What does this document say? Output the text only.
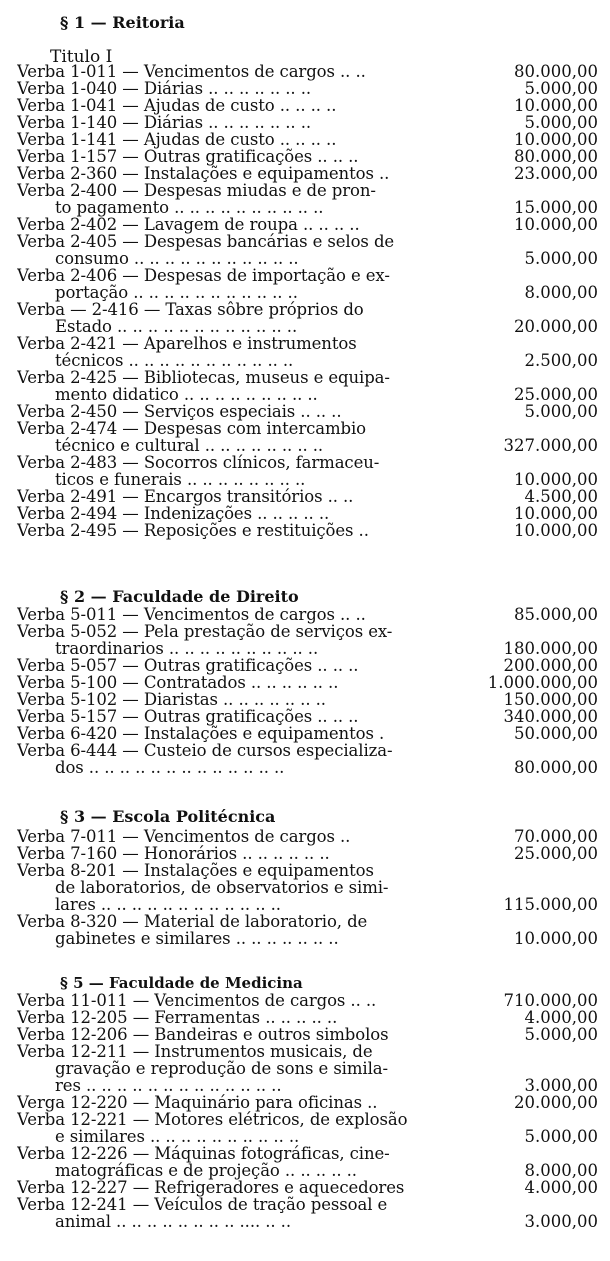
§ 1 — Reitoria
Titulo I
§ 2 — Faculdade de Direito
§ 3 — Escola Politécnica
§ 5 — Faculdade de Medicina
Verba 1-011 — Vencimentos de cargos .. ..	80.000,00
Verba 1-040 — Diárias .. .. .. .. .. .. ..	5.000,00
Verba 1-041 — Ajudas de custo .. .. .. ..	10.000,00
Verba 1-140 — Diárias .. .. .. .. .. .. ..	5.000,00
Verba 1-141 — Ajudas de custo .. .. .. ..	10.000,00
Verba 1-157 — Outras gratificações .. .. ..	80.000,00
Verba 2-360 — Instalações e equipamentos ..	23.000,00
Verba 2-400 — Despesas miudas e de pron-
to pagamento .. .. .. .. .. .. .. .. .. ..	15.000,00
Verba 2-402 — Lavagem de roupa .. .. .. ..	10.000,00
Verba 2-405 — Despesas bancárias e selos de
consumo .. .. .. .. .. .. .. .. .. .. ..	5.000,00
Verba 2-406 — Despesas de importação e ex-
portação .. .. .. .. .. .. .. .. .. .. ..	8.000,00
Verba — 2-416 — Taxas sôbre próprios do
Estado .. .. .. .. .. .. .. .. .. .. .. ..	20.000,00
Verba 2-421 — Aparelhos e instrumentos
técnicos .. .. .. .. .. .. .. .. .. .. ..	2.500,00
Verba 2-425 — Bibliotecas, museus e equipa-
mento didatico .. .. .. .. .. .. .. .. ..	25.000,00
Verba 2-450 — Serviços especiais .. .. ..	5.000,00
Verba 2-474 — Despesas com intercambio
técnico e cultural .. .. .. .. .. .. .. ..	327.000,00
Verba 2-483 — Socorros clínicos, farmaceu-
ticos e funerais .. .. .. .. .. .. .. ..	10.000,00
Verba 2-491 — Encargos transitórios .. ..	4.500,00
Verba 2-494 — Indenizações .. .. .. .. ..	10.000,00
Verba 2-495 — Reposições e restituições ..	10.000,00
Verba 5-011 — Vencimentos de cargos .. ..	85.000,00
Verba 5-052 — Pela prestação de serviços ex-
traordinarios .. .. .. .. .. .. .. .. .. ..	180.000,00
Verba 5-057 — Outras gratificações .. .. ..	200.000,00
Verba 5-100 — Contratados .. .. .. .. .. ..	1.000.000,00
Verba 5-102 — Diaristas .. .. .. .. .. .. ..	150.000,00
Verba 5-157 — Outras gratificações .. .. ..	340.000,00
Verba 6-420 — Instalações e equipamentos .	50.000,00
Verba 6-444 — Custeio de cursos especializa-
dos .. .. .. .. .. .. .. .. .. .. .. .. ..	80.000,00
Verba 7-011 — Vencimentos de cargos ..	70.000,00
Verba 7-160 — Honorários .. .. .. .. .. ..	25.000,00
Verba 8-201 — Instalações e equipamentos
de laboratorios, de observatorios e simi-
lares .. .. .. .. .. .. .. .. .. .. .. ..	115.000,00
Verba 8-320 — Material de laboratorio, de
gabinetes e similares .. .. .. .. .. .. ..	10.000,00
Verba 11-011 — Vencimentos de cargos .. ..	710.000,00
Verba 12-205 — Ferramentas .. .. .. .. ..	4.000,00
Verba 12-206 — Bandeiras e outros simbolos	5.000,00
Verba 12-211 — Instrumentos musicais, de
gravação e reprodução de sons e simila-
res .. .. .. .. .. .. .. .. .. .. .. .. ..	3.000,00
Verga 12-220 — Maquinário para oficinas ..	20.000,00
Verba 12-221 — Motores elétricos, de explosão
e similares .. .. .. .. .. .. .. .. .. ..	5.000,00
Verba 12-226 — Máquinas fotográficas, cine-
matográficas e de projeção .. .. .. .. ..	8.000,00
Verba 12-227 — Refrigeradores e aquecedores	4.000,00
Verba 12-241 — Veículos de tração pessoal e
animal .. .. .. .. .. .. .. .. .... .. ..	3.000,00
